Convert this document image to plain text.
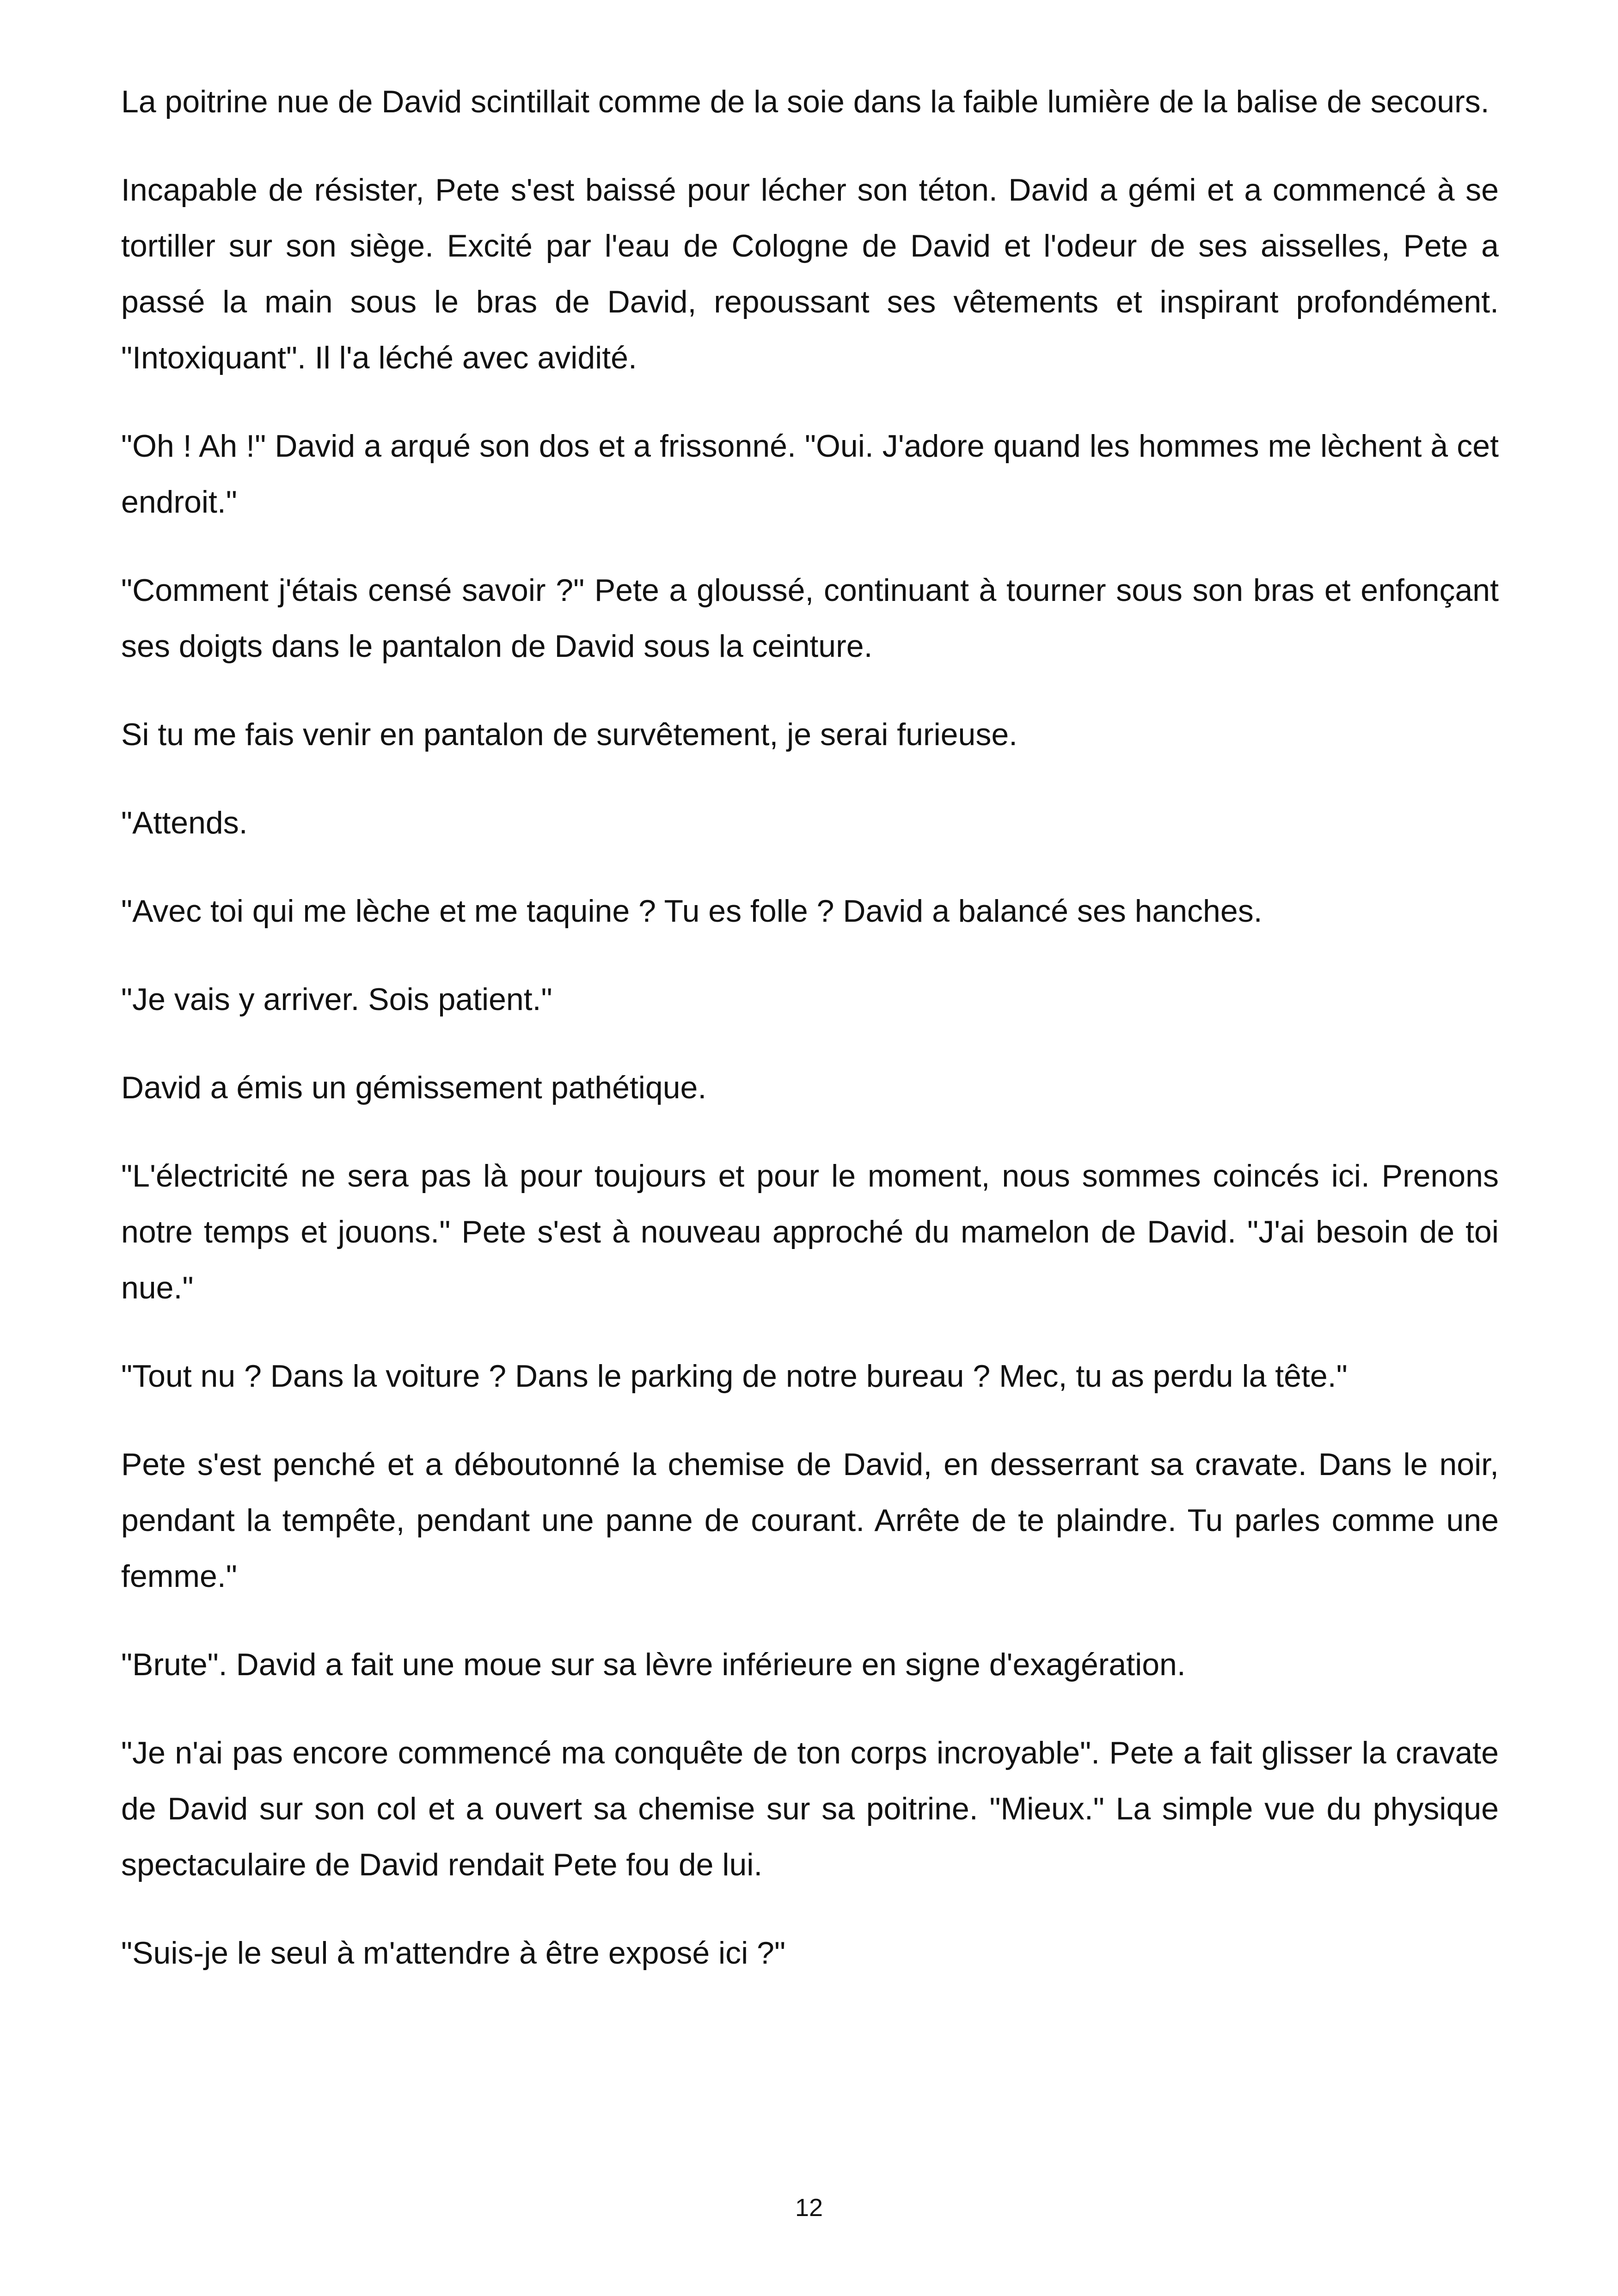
La poitrine nue de David scintillait comme de la soie dans la faible lumière de la balise de secours.

Incapable de résister, Pete s'est baissé pour lécher son téton. David a gémi et a commencé à se tortiller sur son siège. Excité par l'eau de Cologne de David et l'odeur de ses aisselles, Pete a passé la main sous le bras de David, repoussant ses vêtements et inspirant profondément. "Intoxiquant". Il l'a léché avec avidité.

"Oh ! Ah !" David a arqué son dos et a frissonné. "Oui. J'adore quand les hommes me lèchent à cet endroit."

"Comment j'étais censé savoir ?" Pete a gloussé, continuant à tourner sous son bras et enfonçant ses doigts dans le pantalon de David sous la ceinture.

Si tu me fais venir en pantalon de survêtement, je serai furieuse.

"Attends.

"Avec toi qui me lèche et me taquine ? Tu es folle ? David a balancé ses hanches.

"Je vais y arriver. Sois patient."

David a émis un gémissement pathétique.

"L'électricité ne sera pas là pour toujours et pour le moment, nous sommes coincés ici. Prenons notre temps et jouons." Pete s'est à nouveau approché du mamelon de David. "J'ai besoin de toi nue."

"Tout nu ? Dans la voiture ? Dans le parking de notre bureau ? Mec, tu as perdu la tête."

Pete s'est penché et a déboutonné la chemise de David, en desserrant sa cravate. Dans le noir, pendant la tempête, pendant une panne de courant. Arrête de te plaindre. Tu parles comme une femme."

"Brute". David a fait une moue sur sa lèvre inférieure en signe d'exagération.

"Je n'ai pas encore commencé ma conquête de ton corps incroyable". Pete a fait glisser la cravate de David sur son col et a ouvert sa chemise sur sa poitrine. "Mieux." La simple vue du physique spectaculaire de David rendait Pete fou de lui.

"Suis-je le seul à m'attendre à être exposé ici ?"

12
